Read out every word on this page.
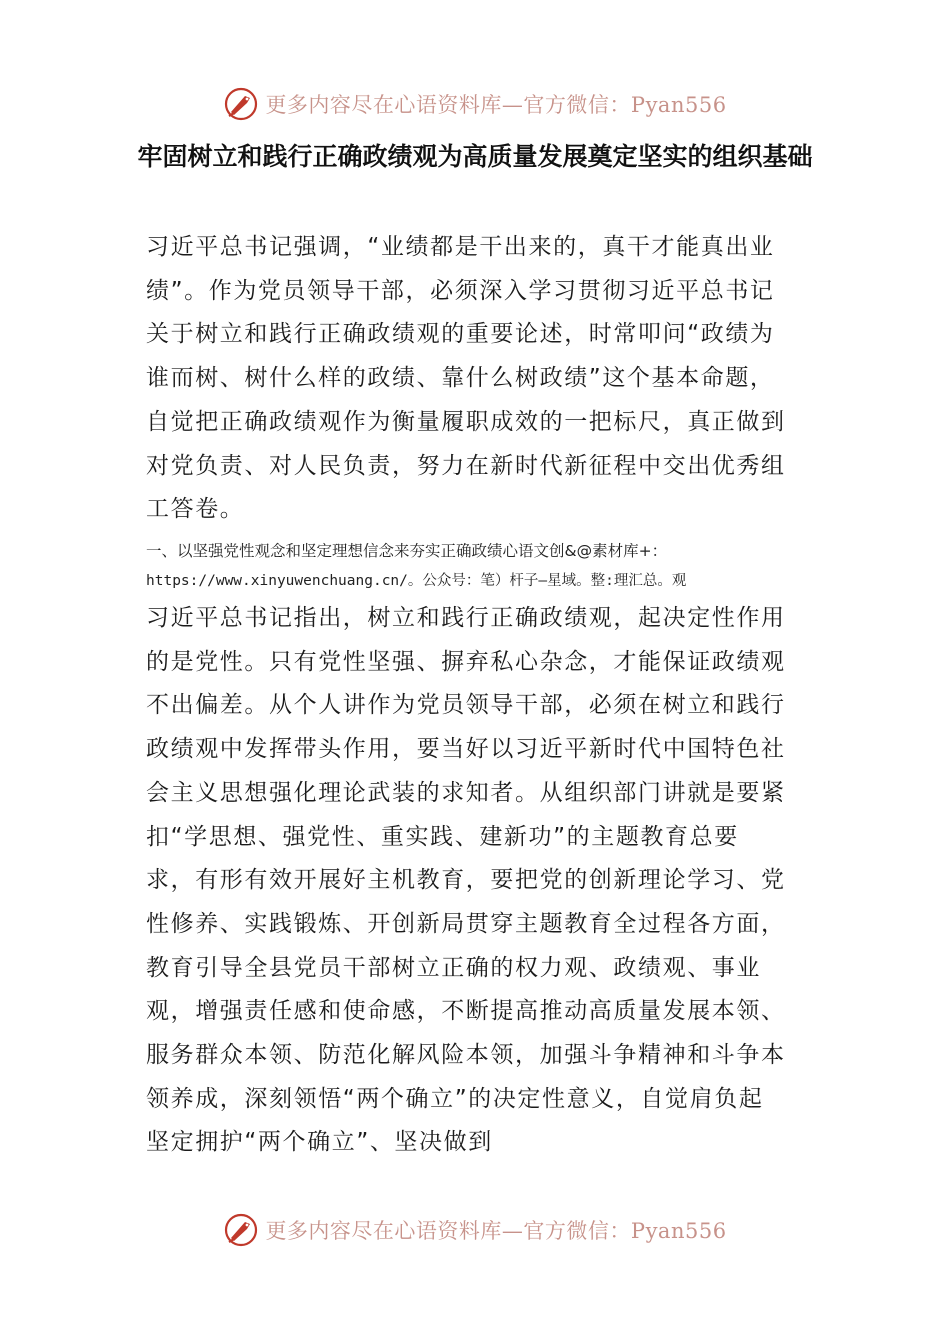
更多内容尽在心语资料库—官方微信：Pyan556
牢固树立和践行正确政绩观为高质量发展奠定坚实的组织基础
习近平总书记强调，“业绩都是干出来的，真干才能真出业绩”。作为党员领导干部，必须深入学习贯彻习近平总书记关于树立和践行正确政绩观的重要论述，时常叩问“政绩为谁而树、树什么样的政绩、靠什么树政绩”这个基本命题，自觉把正确政绩观作为衡量履职成效的一把标尺，真正做到对党负责、对人民负责，努力在新时代新征程中交出优秀组工答卷。
一、以坚强党性观念和坚定理想信念来夯实正确政绩心语文创&@素材库+：
https://www.xinyuwenchuang.cn/。公众号：笔）杆子—星域。整:理汇总。观
习近平总书记指出，树立和践行正确政绩观，起决定性作用的是党性。只有党性坚强、摒弃私心杂念，才能保证政绩观不出偏差。从个人讲作为党员领导干部，必须在树立和践行政绩观中发挥带头作用，要当好以习近平新时代中国特色社会主义思想强化理论武装的求知者。从组织部门讲就是要紧扣“学思想、强党性、重实践、建新功”的主题教育总要求，有形有效开展好主机教育，要把党的创新理论学习、党性修养、实践锻炼、开创新局贯穿主题教育全过程各方面，教育引导全县党员干部树立正确的权力观、政绩观、事业观，增强责任感和使命感，不断提高推动高质量发展本领、服务群众本领、防范化解风险本领，加强斗争精神和斗争本领养成，深刻领悟“两个确立”的决定性意义，自觉肩负起坚定拥护“两个确立”、坚决做到
更多内容尽在心语资料库—官方微信：Pyan556
